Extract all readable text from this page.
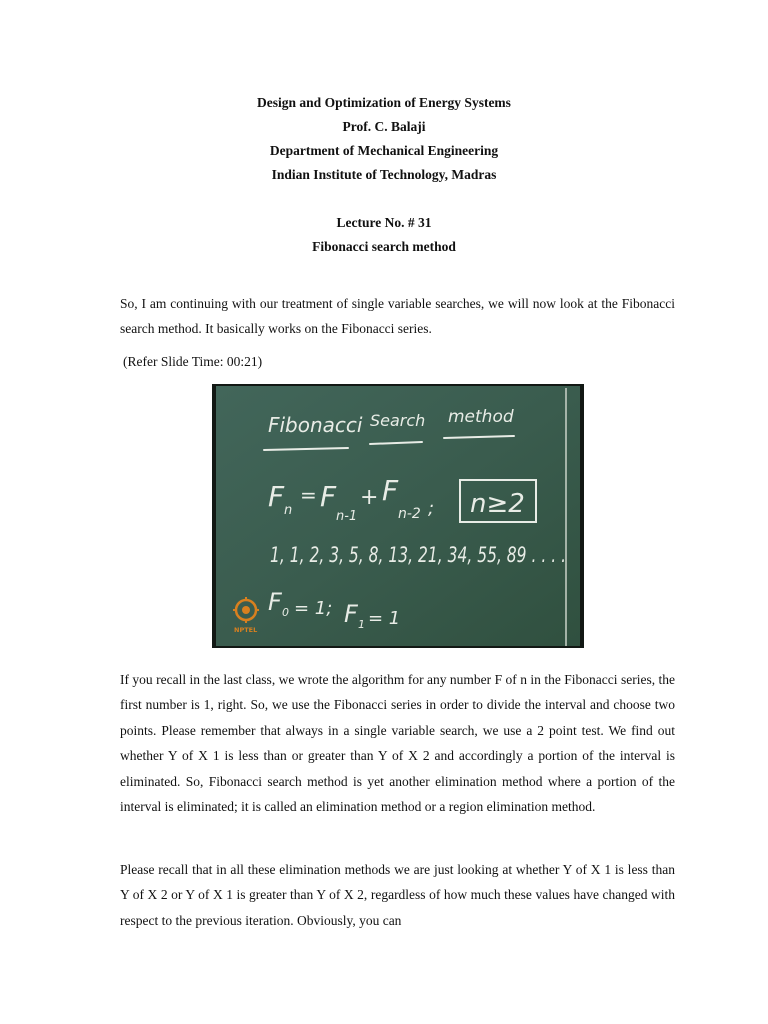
Design and Optimization of Energy Systems
Prof. C. Balaji
Department of Mechanical Engineering
Indian Institute of Technology, Madras
Lecture No. # 31
Fibonacci search method

So, I am continuing with our treatment of single variable searches, we will now look at the Fibonacci search method. It basically works on the Fibonacci series.

(Refer Slide Time: 00:21)
Fibonacci Search method
F n
= F
n-1
+ F
n-2 ; n≥2
1, 1, 2, 3, 5, 8, 13, 21, 34, 55, 89 . . . .
F 0 = 1; F 1 = 1
NPTEL

If you recall in the last class, we wrote the algorithm for any number F of n in the Fibonacci series, the first number is 1, right. So, we use the Fibonacci series in order to divide the interval and choose two points. Please remember that always in a single variable search, we use a 2 point test. We find out whether Y of X 1 is less than or greater than Y of X 2 and accordingly a portion of the interval is eliminated. So, Fibonacci search method is yet another elimination method where a portion of the interval is eliminated; it is called an elimination method or a region elimination method.

Please recall that in all these elimination methods we are just looking at whether Y of X 1 is less than Y of X 2 or Y of X 1 is greater than Y of X 2, regardless of how much these values have changed with respect to the previous iteration. Obviously, you can
